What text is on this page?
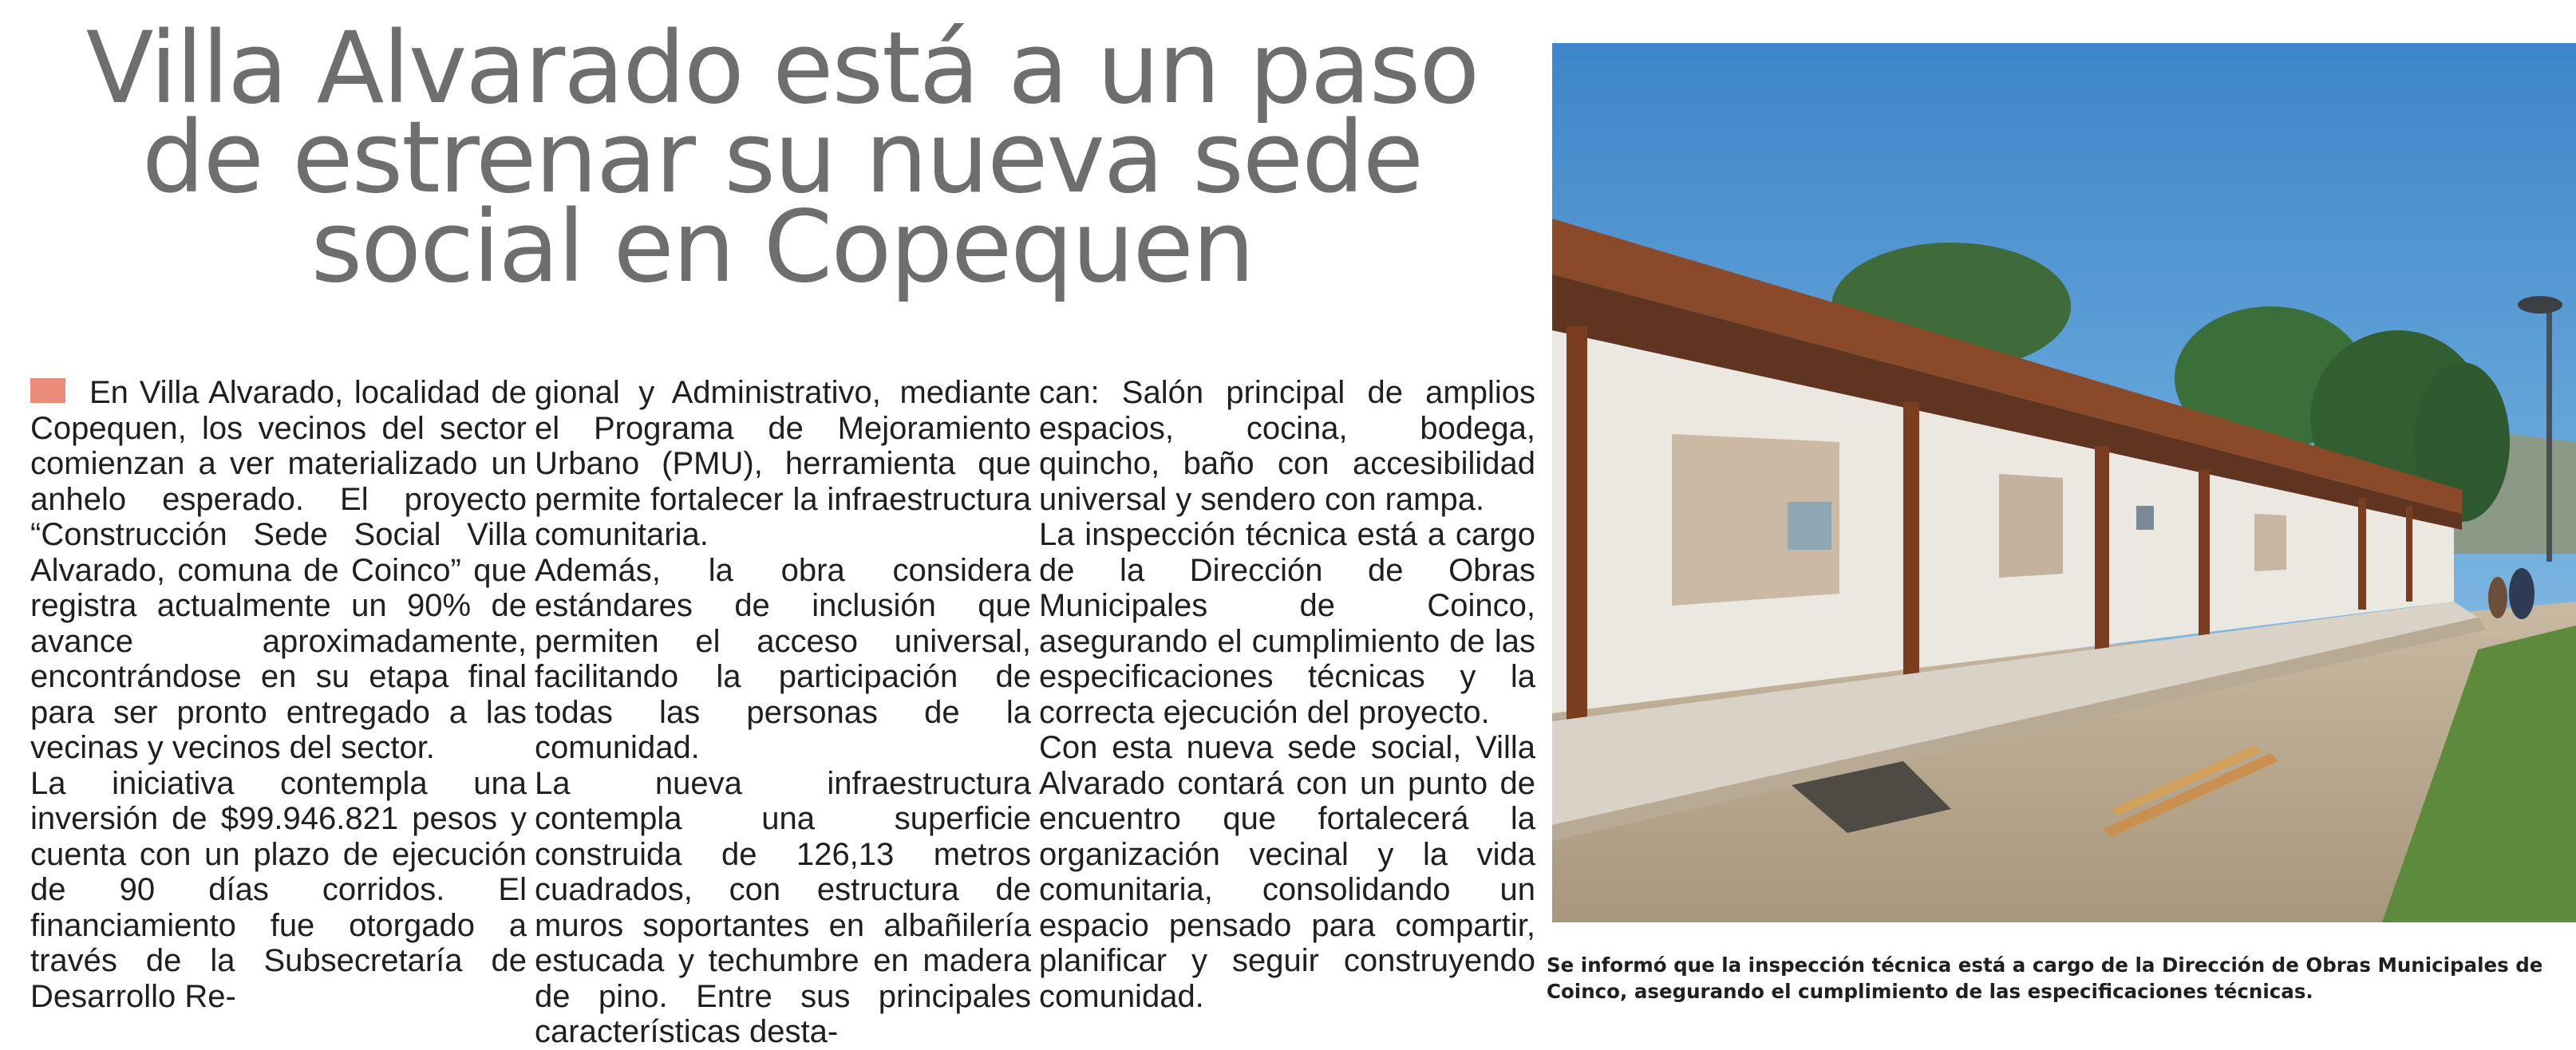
Villa Alvarado está a un paso de estrenar su nueva sede social en Copequen

En Villa Alvarado, localidad de Copequen, los vecinos del sector comienzan a ver materializado un anhelo esperado. El proyecto “Construcción Sede Social Villa Alvarado, comuna de Coinco” que registra actualmente un 90% de avance aproximadamente, encontrándose en su etapa final para ser pronto entregado a las vecinas y vecinos del sector.

La iniciativa contempla una inversión de $99.946.821 pesos y cuenta con un plazo de ejecución de 90 días corridos. El financiamiento fue otorgado a través de la Subsecretaría de Desarrollo Re-

gional y Administrativo, mediante el Programa de Mejoramiento Urbano (PMU), herramienta que permite fortalecer la infraestructura comunitaria.

Además, la obra considera estándares de inclusión que permiten el acceso universal, facilitando la participación de todas las personas de la comunidad.

La nueva infraestructura contempla una superficie construida de 126,13 metros cuadrados, con estructura de muros soportantes en albañilería estucada y techumbre en madera de pino. Entre sus principales características desta-

can: Salón principal de amplios espacios, cocina, bodega, quincho, baño con accesibilidad universal y sendero con rampa.

La inspección técnica está a cargo de la Dirección de Obras Municipales de Coinco, asegurando el cumplimiento de las especificaciones técnicas y la correcta ejecución del proyecto.

Con esta nueva sede social, Villa Alvarado contará con un punto de encuentro que fortalecerá la organización vecinal y la vida comunitaria, consolidando un espacio pensado para compartir, planificar y seguir construyendo comunidad.

Se informó que la inspección técnica está a cargo de la Dirección de Obras Municipales de Coinco, asegurando el cumplimiento de las especificaciones técnicas.
